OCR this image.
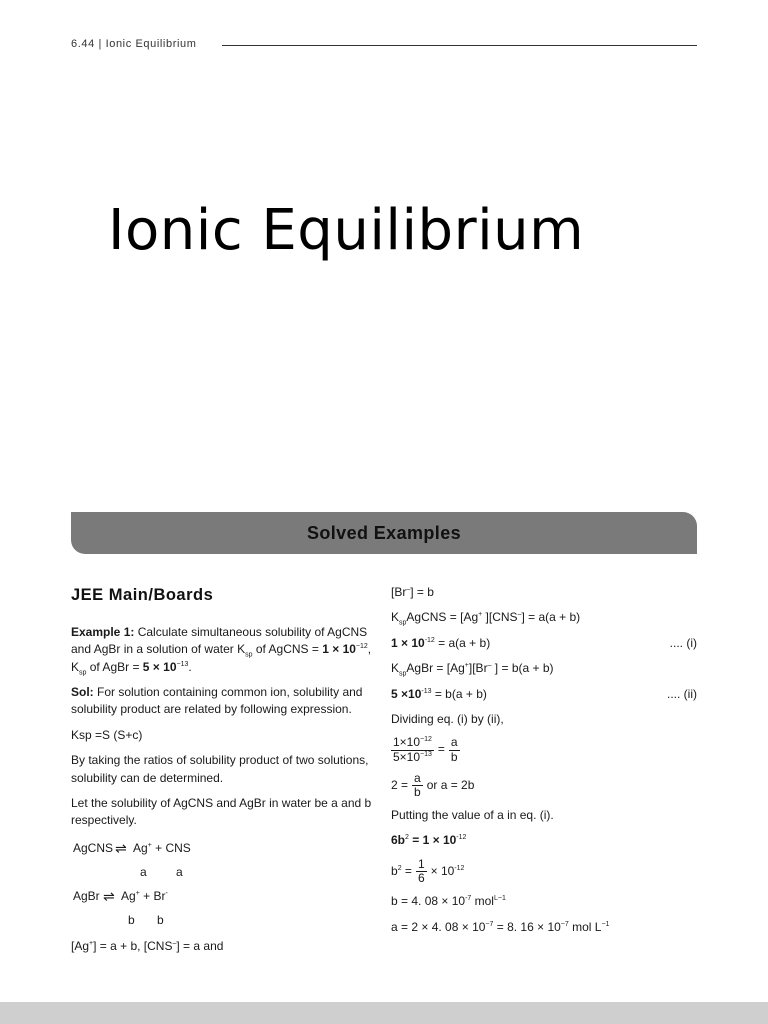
6.44 | Ionic Equilibrium
Ionic Equilibrium
Solved Examples
JEE Main/Boards

Example 1: Calculate simultaneous solubility of AgCNS and AgBr in a solution of water $K_{sp}$ of AgCNS = $1 \times 10^{-12}$,
$K_{sp}$ of AgBr = $5 \times 10^{-13}$.

Sol: For solution containing common ion, solubility and solubility product are related by following expression.

Ksp =S (S+c)

By taking the ratios of solubility product of two solutions, solubility can de determined.

Let the solubility of AgCNS and AgBr in water be a and b respectively.

AgCNS ⇌ Ag+ + CNS
a a
AgBr ⇌ Ag+ + Br-
b b

[Ag+] = a + b, [CNS–] = a and

[Br–] = b

$K_{sp}AgCNS = [Ag^+$ ][CNS–] = a(a + b)

$1 \times 10^{-12} = a(a + b)$	.... (i)

$K_{sp}AgBr = [Ag^+][Br^-$ ] = b(a + b)

$5 \times 10^{-13} = b(a + b)$	.... (ii)

Dividing eq. (i) by (ii),

$\frac{1\times 10^{-12}}{5\times 10^{-13}} = \frac{a}{b}$
$2 = \frac{a}{b}$ or a = 2b

Putting the value of a in eq. (i).

$6b^2 = 1 \times 10^{-12}$

$b^2 = \frac{1}{6} \times 10^{-12}$

b = 4. $08 \times 10^{-7}$ mol$^{L-1}$

a = 2 × 4. $08 \times 10^{-7} = 8$. $16 \times 10^{-7}$ mol $L^{-1}$
